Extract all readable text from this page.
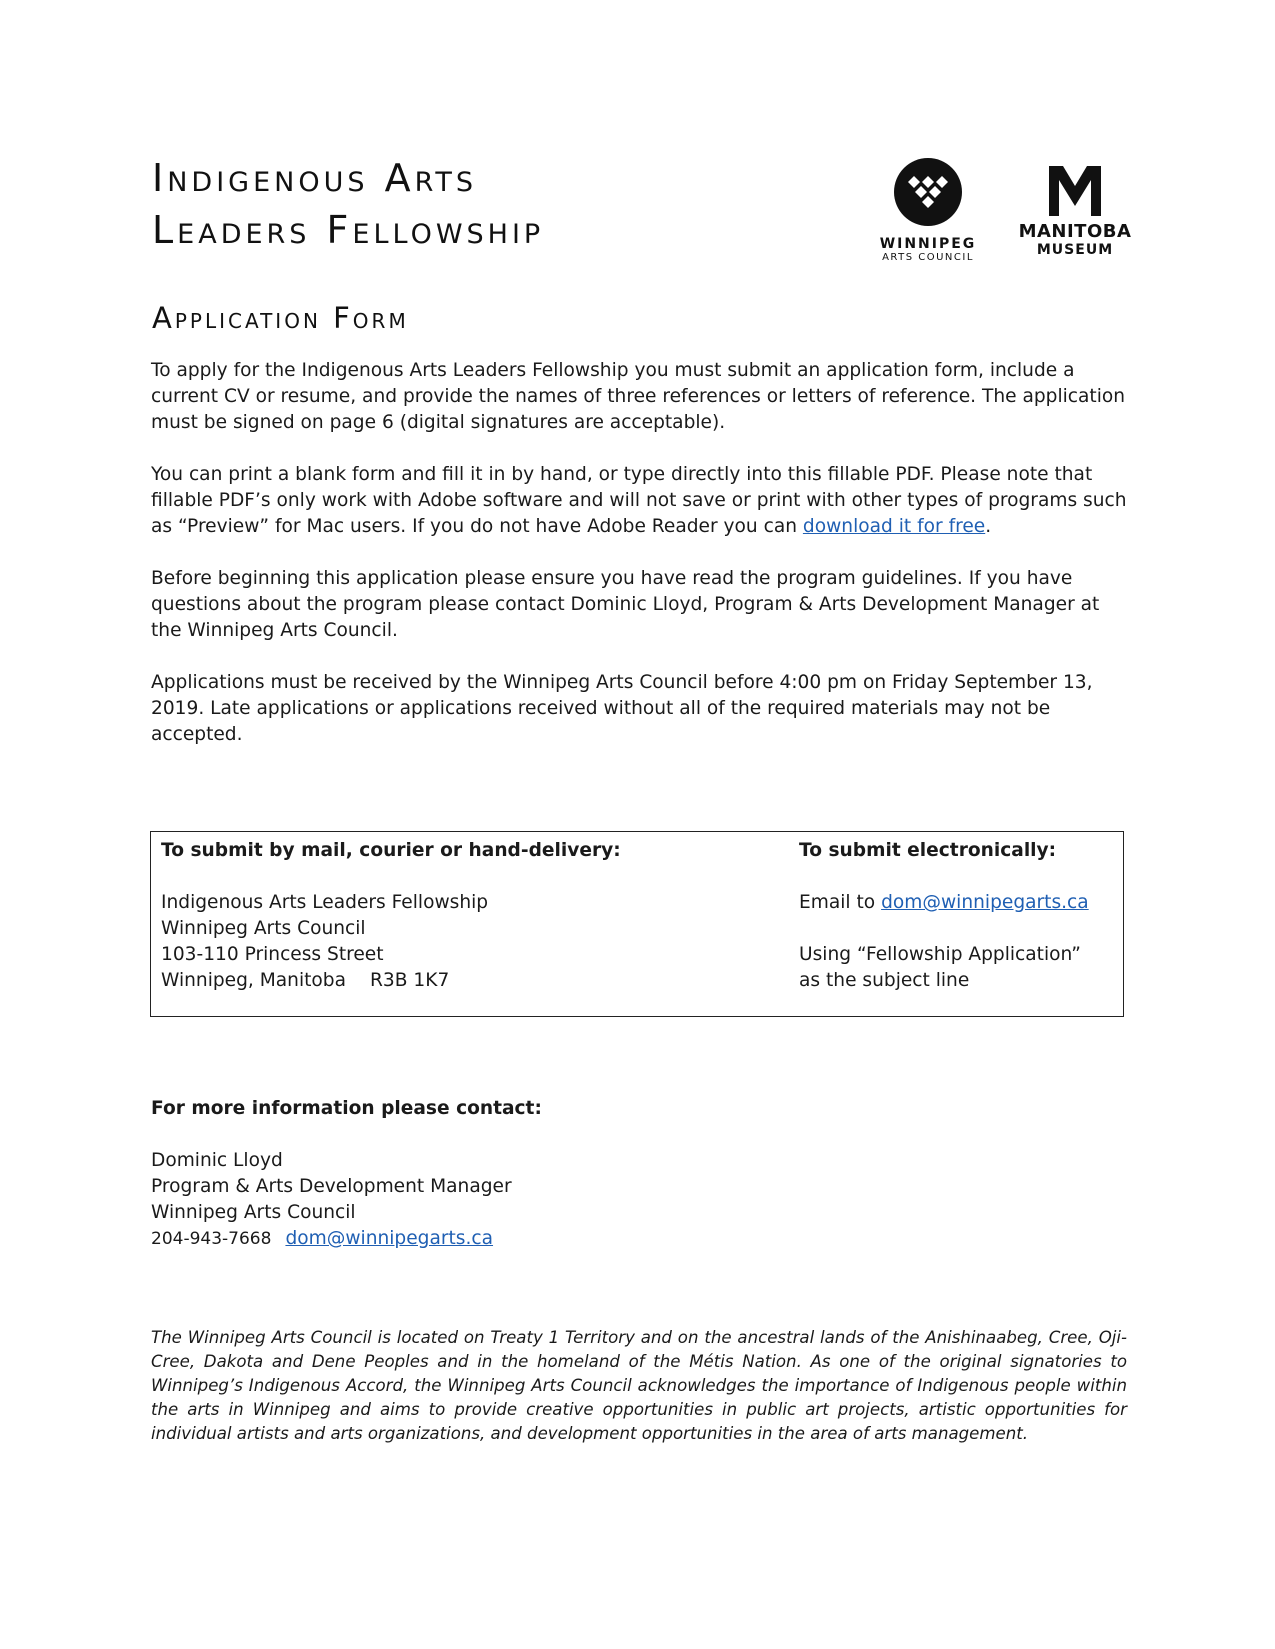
Indigenous Arts
Leaders Fellowship	WINNIPEG
ARTS COUNCIL
MANITOBA
MUSEUM
Application Form

To apply for the Indigenous Arts Leaders Fellowship you must submit an application form, include a current CV or resume, and provide the names of three references or letters of reference. The application must be signed on page 6 (digital signatures are acceptable).

You can print a blank form and fill it in by hand, or type directly into this fillable PDF. Please note that fillable PDF’s only work with Adobe software and will not save or print with other types of programs such as “Preview” for Mac users. If you do not have Adobe Reader you can download it for free.

Before beginning this application please ensure you have read the program guidelines. If you have questions about the program please contact Dominic Lloyd, Program & Arts Development Manager at the Winnipeg Arts Council.

Applications must be received by the Winnipeg Arts Council before 4:00 pm on Friday September 13, 2019. Late applications or applications received without all of the required materials may not be accepted.

To submit by mail, courier or hand-delivery:
Indigenous Arts Leaders Fellowship
Winnipeg Arts Council
103-110 Princess Street
Winnipeg, Manitoba R3B 1K7
To submit electronically:
Email to dom@winnipegarts.ca
Using “Fellowship Application”
as the subject line
For more information please contact:
Dominic Lloyd
Program & Arts Development Manager
Winnipeg Arts Council
204-943-7668 dom@winnipegarts.ca

The Winnipeg Arts Council is located on Treaty 1 Territory and on the ancestral lands of the Anishinaabeg, Cree, Oji-Cree, Dakota and Dene Peoples and in the homeland of the Métis Nation. As one of the original signatories to Winnipeg’s Indigenous Accord, the Winnipeg Arts Council acknowledges the importance of Indigenous people within the arts in Winnipeg and aims to provide creative opportunities in public art projects, artistic opportunities for individual artists and arts organizations, and development opportunities in the area of arts management.
